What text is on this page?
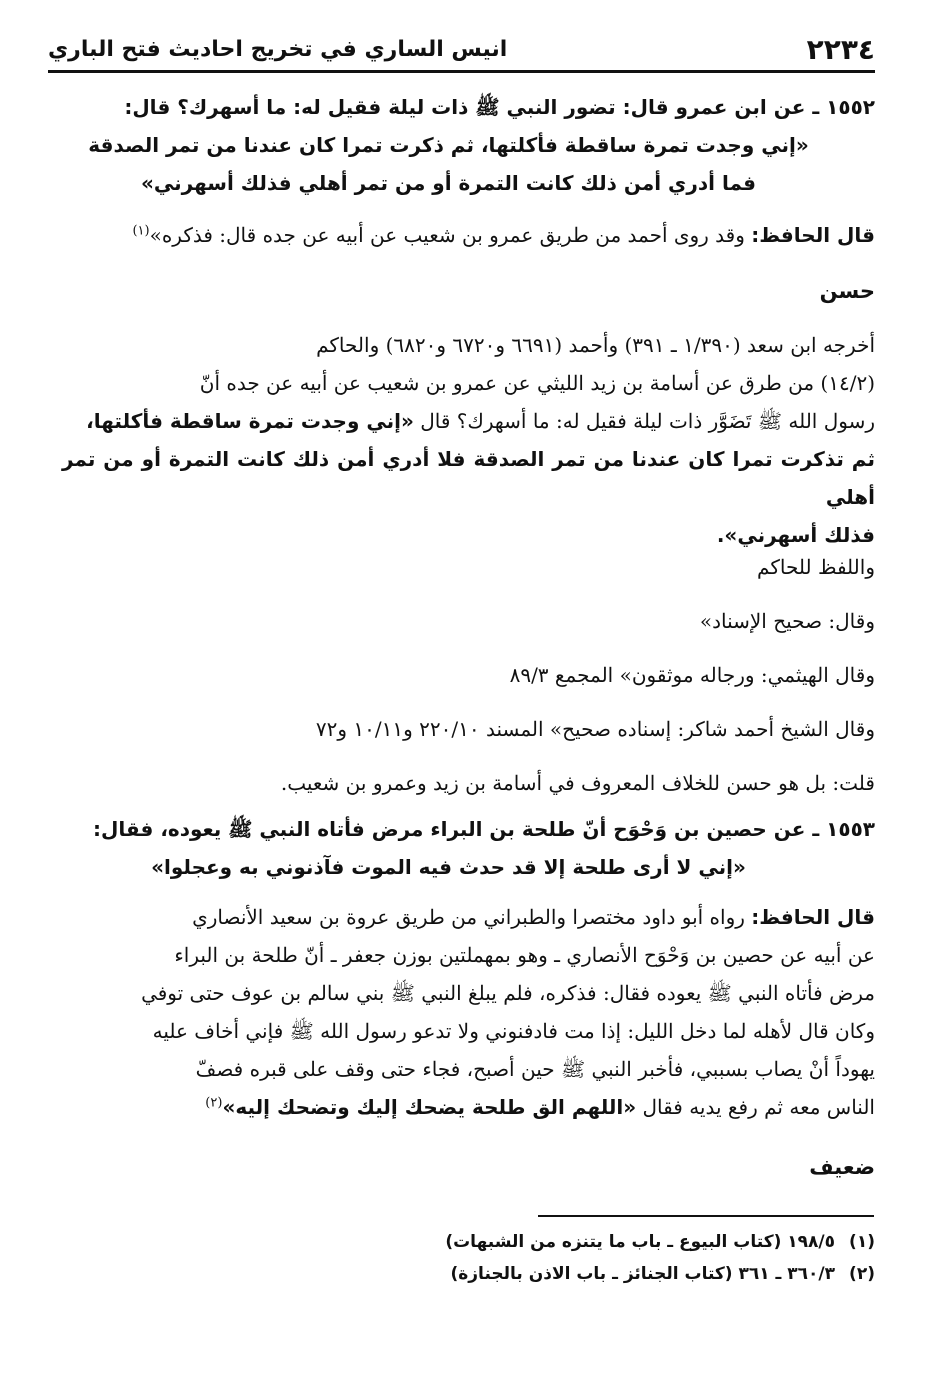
٢٢٣٤
انيس الساري في تخريج احاديث فتح الباري
١٥٥٢ ـ عن ابن عمرو قال: تضور النبي ﷺ ذات ليلة فقيل له: ما أسهرك؟ قال:
«إني وجدت تمرة ساقطة فأكلتها، ثم ذكرت تمرا كان عندنا من تمر الصدقة
فما أدري أمن ذلك كانت التمرة أو من تمر أهلي فذلك أسهرني»
قال الحافظ: وقد روى أحمد من طريق عمرو بن شعيب عن أبيه عن جده قال: فذكره»$^{(١)}$
حسن
أخرجه ابن سعد (١/٣٩٠ ـ ٣٩١) وأحمد (٦٦٩١ و٦٧٢٠ و٦٨٢٠) والحاكم
(١٤/٢) من طرق عن أسامة بن زيد الليثي عن عمرو بن شعيب عن أبيه عن جده أنّ
رسول الله ﷺ تَضَوَّر ذات ليلة فقيل له: ما أسهرك؟ قال «إني وجدت تمرة ساقطة فأكلتها،
ثم تذكرت تمرا كان عندنا من تمر الصدقة فلا أدري أمن ذلك كانت التمرة أو من تمر أهلي
فذلك أسهرني».
واللفظ للحاكم
وقال: صحيح الإسناد»
وقال الهيثمي: ورجاله موثقون» المجمع ٨٩/٣
وقال الشيخ أحمد شاكر: إسناده صحيح» المسند ٢٢٠/١٠ و١٠/١١ و٧٢
قلت: بل هو حسن للخلاف المعروف في أسامة بن زيد وعمرو بن شعيب.
١٥٥٣ ـ عن حصين بن وَحْوَح أنّ طلحة بن البراء مرض فأتاه النبي ﷺ يعوده، فقال:
«إني لا أرى طلحة إلا قد حدث فيه الموت فآذنوني به وعجلوا»
قال الحافظ: رواه أبو داود مختصرا والطبراني من طريق عروة بن سعيد الأنصاري
عن أبيه عن حصين بن وَحْوَح الأنصاري ـ وهو بمهملتين بوزن جعفر ـ أنّ طلحة بن البراء
مرض فأتاه النبي ﷺ يعوده فقال: فذكره، فلم يبلغ النبي ﷺ بني سالم بن عوف حتى توفي
وكان قال لأهله لما دخل الليل: إذا مت فادفنوني ولا تدعو رسول الله ﷺ فإني أخاف عليه
يهوداً أنْ يصاب بسببي، فأخبر النبي ﷺ حين أصبح، فجاء حتى وقف على قبره فصفّ
الناس معه ثم رفع يديه فقال «اللهم الق طلحة يضحك إليك وتضحك إليه»$^{(٢)}$
ضعيف
(١)١٩٨/٥ (كتاب البيوع ـ باب ما يتنزه من الشبهات)
(٢)٣٦٠/٣ ـ ٣٦١ (كتاب الجنائز ـ باب الاذن بالجنازة)
